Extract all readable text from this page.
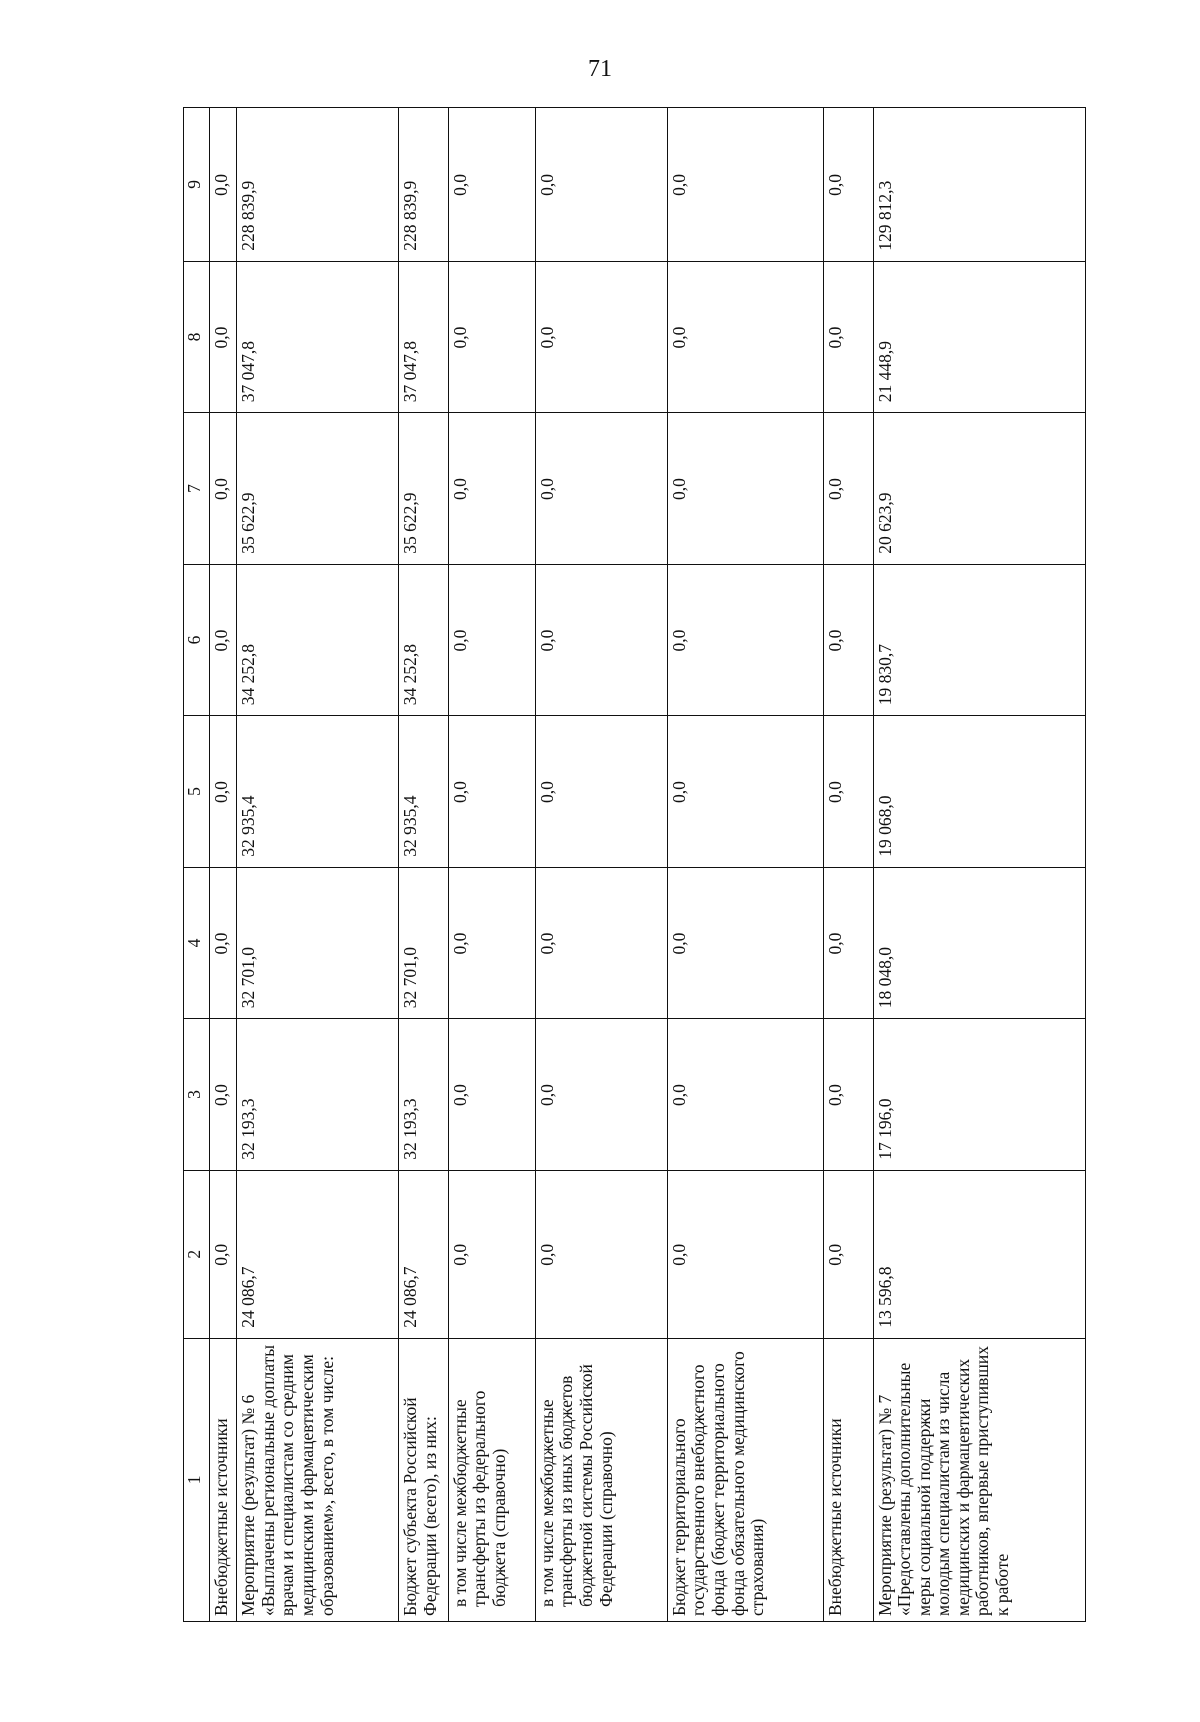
71
1	2	3	4	5	6	7	8	9
Внебюджетные источники	0,0	0,0	0,0	0,0	0,0	0,0	0,0	0,0
Мероприятие (результат) № 6 «Выплачены региональные доплаты врачам и специалистам со средним медицинским и фармацевтическим образованием», всего, в том числе:	24 086,7	32 193,3	32 701,0	32 935,4	34 252,8	35 622,9	37 047,8	228 839,9
Бюджет субъекта Российской Федерации (всего), из них:	24 086,7	32 193,3	32 701,0	32 935,4	34 252,8	35 622,9	37 047,8	228 839,9
в том числе межбюджетные трансферты из федерального бюджета (справочно)	0,0	0,0	0,0	0,0	0,0	0,0	0,0	0,0
в том числе межбюджетные трансферты из иных бюджетов бюджетной системы Российской Федерации (справочно)	0,0	0,0	0,0	0,0	0,0	0,0	0,0	0,0
Бюджет территориального государственного внебюджетного фонда (бюджет территориального фонда обязательного медицинского страхования)	0,0	0,0	0,0	0,0	0,0	0,0	0,0	0,0
Внебюджетные источники	0,0	0,0	0,0	0,0	0,0	0,0	0,0	0,0
Мероприятие (результат) № 7 «Предоставлены дополнительные меры социальной поддержки молодым специалистам из числа медицинских и фармацевтических работников, впервые приступивших к работе	13 596,8	17 196,0	18 048,0	19 068,0	19 830,7	20 623,9	21 448,9	129 812,3
